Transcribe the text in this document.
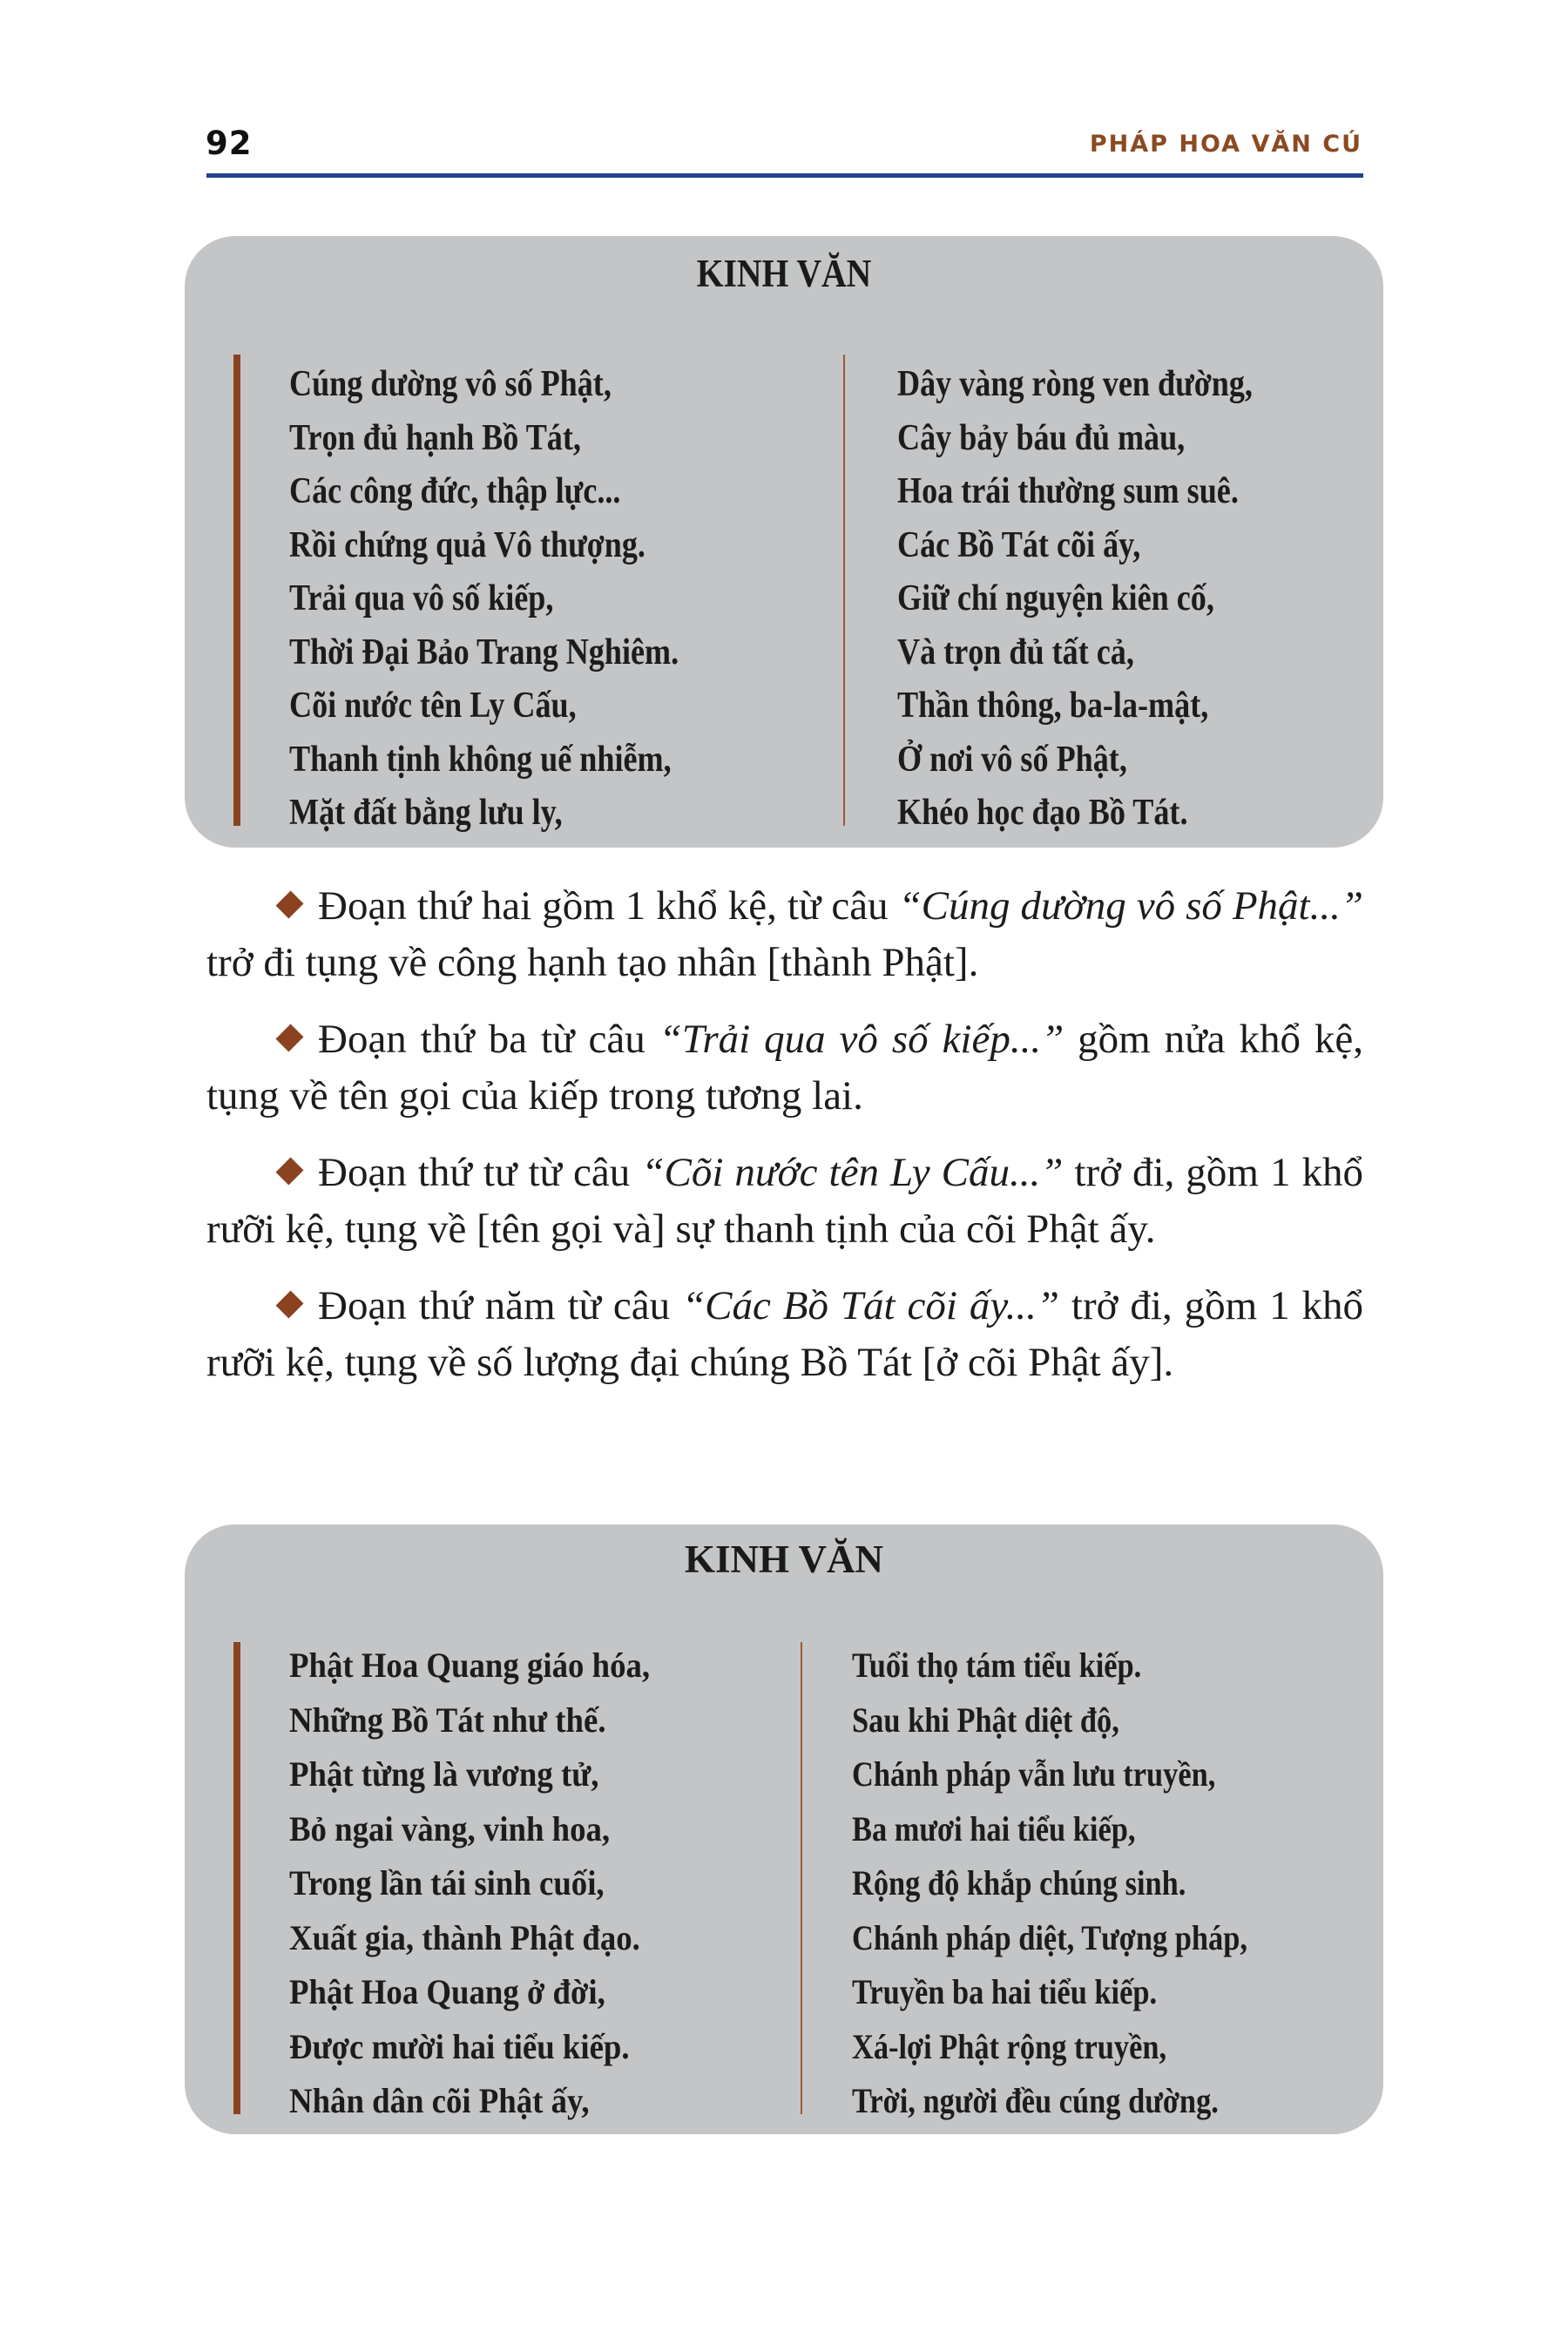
92	PHÁP HOA VĂN CÚ
KINH VĂN
Cúng dường vô số Phật,
Trọn đủ hạnh Bồ Tát,
Các công đức, thập lực...
Rồi chứng quả Vô thượng.
Trải qua vô số kiếp,
Thời Đại Bảo Trang Nghiêm.
Cõi nước tên Ly Cấu,
Thanh tịnh không uế nhiễm,
Mặt đất bằng lưu ly,
Dây vàng ròng ven đường,
Cây bảy báu đủ màu,
Hoa trái thường sum suê.
Các Bồ Tát cõi ấy,
Giữ chí nguyện kiên cố,
Và trọn đủ tất cả,
Thần thông, ba-la-mật,
Ở nơi vô số Phật,
Khéo học đạo Bồ Tát.

Đoạn thứ hai gồm 1 khổ kệ, từ câu “Cúng dường vô số Phật...” trở đi tụng về công hạnh tạo nhân [thành Phật].

Đoạn thứ ba từ câu “Trải qua vô số kiếp...” gồm nửa khổ kệ, tụng về tên gọi của kiếp trong tương lai.

Đoạn thứ tư từ câu “Cõi nước tên Ly Cấu...” trở đi, gồm 1 khổ rưỡi kệ, tụng về [tên gọi và] sự thanh tịnh của cõi Phật ấy.

Đoạn thứ năm từ câu “Các Bồ Tát cõi ấy...” trở đi, gồm 1 khổ rưỡi kệ, tụng về số lượng đại chúng Bồ Tát [ở cõi Phật ấy].

KINH VĂN
Phật Hoa Quang giáo hóa,
Những Bồ Tát như thế.
Phật từng là vương tử,
Bỏ ngai vàng, vinh hoa,
Trong lần tái sinh cuối,
Xuất gia, thành Phật đạo.
Phật Hoa Quang ở đời,
Được mười hai tiểu kiếp.
Nhân dân cõi Phật ấy,
Tuổi thọ tám tiểu kiếp.
Sau khi Phật diệt độ,
Chánh pháp vẫn lưu truyền,
Ba mươi hai tiểu kiếp,
Rộng độ khắp chúng sinh.
Chánh pháp diệt, Tượng pháp,
Truyền ba hai tiểu kiếp.
Xá-lợi Phật rộng truyền,
Trời, người đều cúng dường.
